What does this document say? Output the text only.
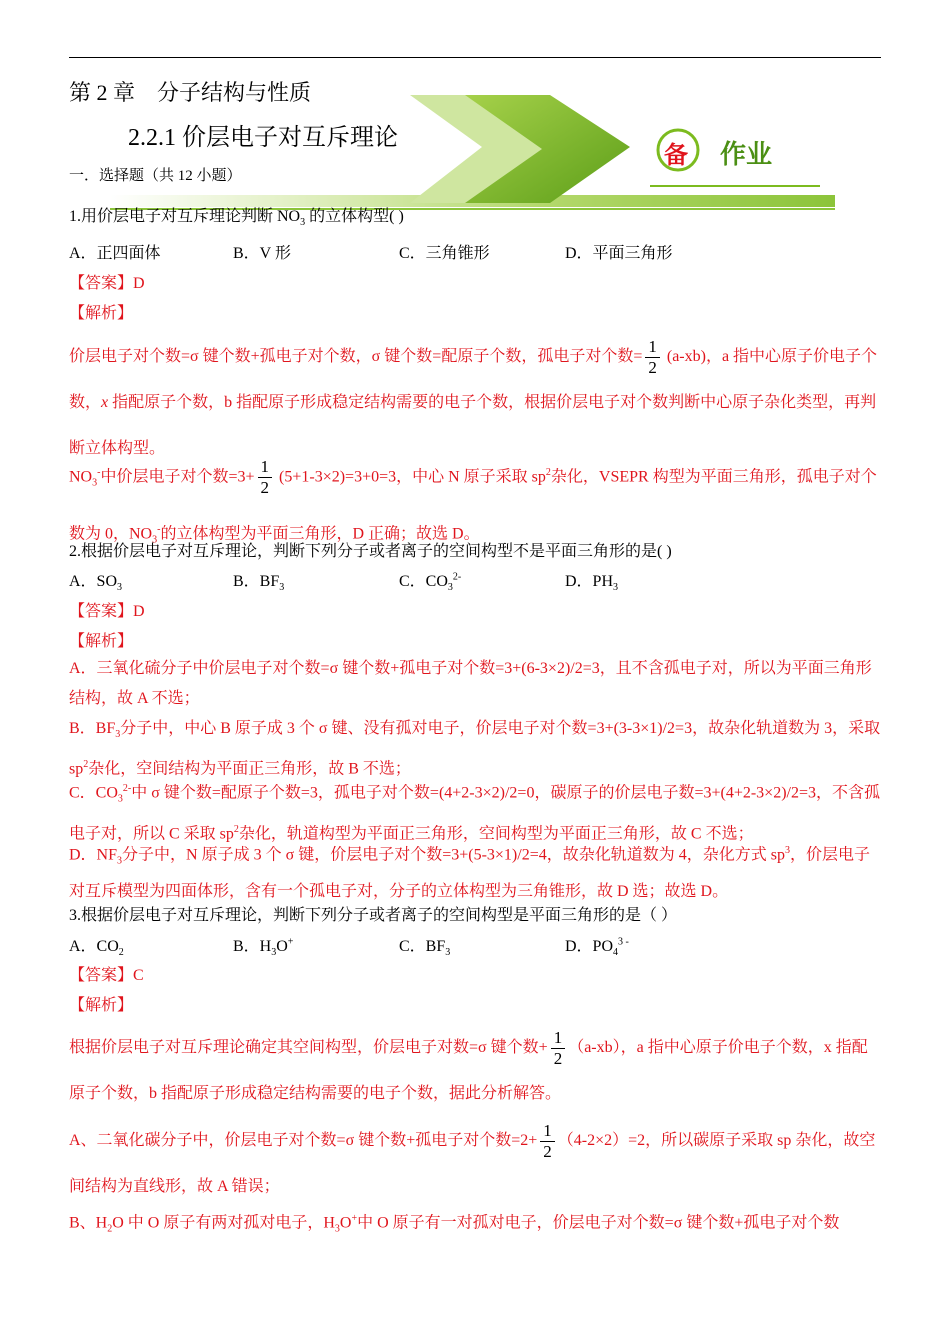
第 2 章 分子结构与性质
备 作业
2.2.1 价层电子对互斥理论
一．选择题（共 12 小题）
1.用价层电子对互斥理论判断 $NO_3$ 的立体构型( )
A．正四面体	B．V 形	C．三角锥形	D．平面三角形
【答案】D
【解析】
价层电子对个数=σ 键个数+孤电子对个数，σ 键个数=配原子个数，孤电子对个数= $\frac{1}{2} (a-xb)$，a 指中心原子价电子个数，x 指配原子个数，b 指配原子形成稳定结构需要的电子个数，根据价层电子对个数判断中心原子杂化类型，再判断立体构型。
$NO_3^-$中价层电子对个数$=3+ \frac{1}{2} (5+1-3\times 2)=3+0=3$，中心 N 原子采取 $sp^2$杂化，VSEPR 构型为平面三角形，孤电子对个数为 0，$NO_3^-$的立体构型为平面三角形，D 正确；故选 D。
2.根据价层电子对互斥理论，判断下列分子或者离子的空间构型不是平面三角形的是( )
A．$SO_3$	B．$BF_3$	C．$CO_3^{2-}$	D．$PH_3$
【答案】D
【解析】
A．三氧化硫分子中价层电子对个数=σ 键个数+孤电子对个数=3+(6-3×2)/2=3，且不含孤电子对，所以为平面三角形结构，故 A 不选；
B．$BF_3$分子中，中心 B 原子成 3 个 σ 键、没有孤对电子，价层电子对个数=3+(3-3×1)/2=3，故杂化轨道数为 3，采取 $sp^2$杂化，空间结构为平面正三角形，故 B 不选；
C．$CO_3^{2-}$中 σ 键个数=配原子个数=3，孤电子对个数=(4+2-3×2)/2=0，碳原子的价层电子数=3+(4+2-3×2)/2=3，不含孤电子对，所以 C 采取 $sp^2$杂化，轨道构型为平面正三角形，空间构型为平面正三角形，故 C 不选；
D．$NF_3$分子中，N 原子成 3 个 σ 键，价层电子对个数=3+(5-3×1)/2=4，故杂化轨道数为 4，杂化方式 $sp^3$，价层电子对互斥模型为四面体形，含有一个孤电子对，分子的立体构型为三角锥形，故 D 选；故选 D。
3.根据价层电子对互斥理论，判断下列分子或者离子的空间构型是平面三角形的是（ ）
A．$CO_2$	B．$H_3O^+$	C．$BF_3$	D．$PO_4^{3 -}$
【答案】C
【解析】
根据价层电子对互斥理论确定其空间构型，价层电子对数=σ 键个数+ $\frac{1}{2} (a-xb)$，a 指中心原子价电子个数，x 指配原子个数，b 指配原子形成稳定结构需要的电子个数，据此分析解答。
A、二氧化碳分子中，价层电子对个数=σ 键个数+孤电子对个数$=2+ \frac{1}{2} (4-2\times 2)=2$，所以碳原子采取 sp 杂化，故空间结构为直线形，故 A 错误；
B、$H_2O$ 中 O 原子有两对孤对电子，$H_3O^+$中 O 原子有一对孤对电子，价层电子对个数=σ 键个数+孤电子对个数
